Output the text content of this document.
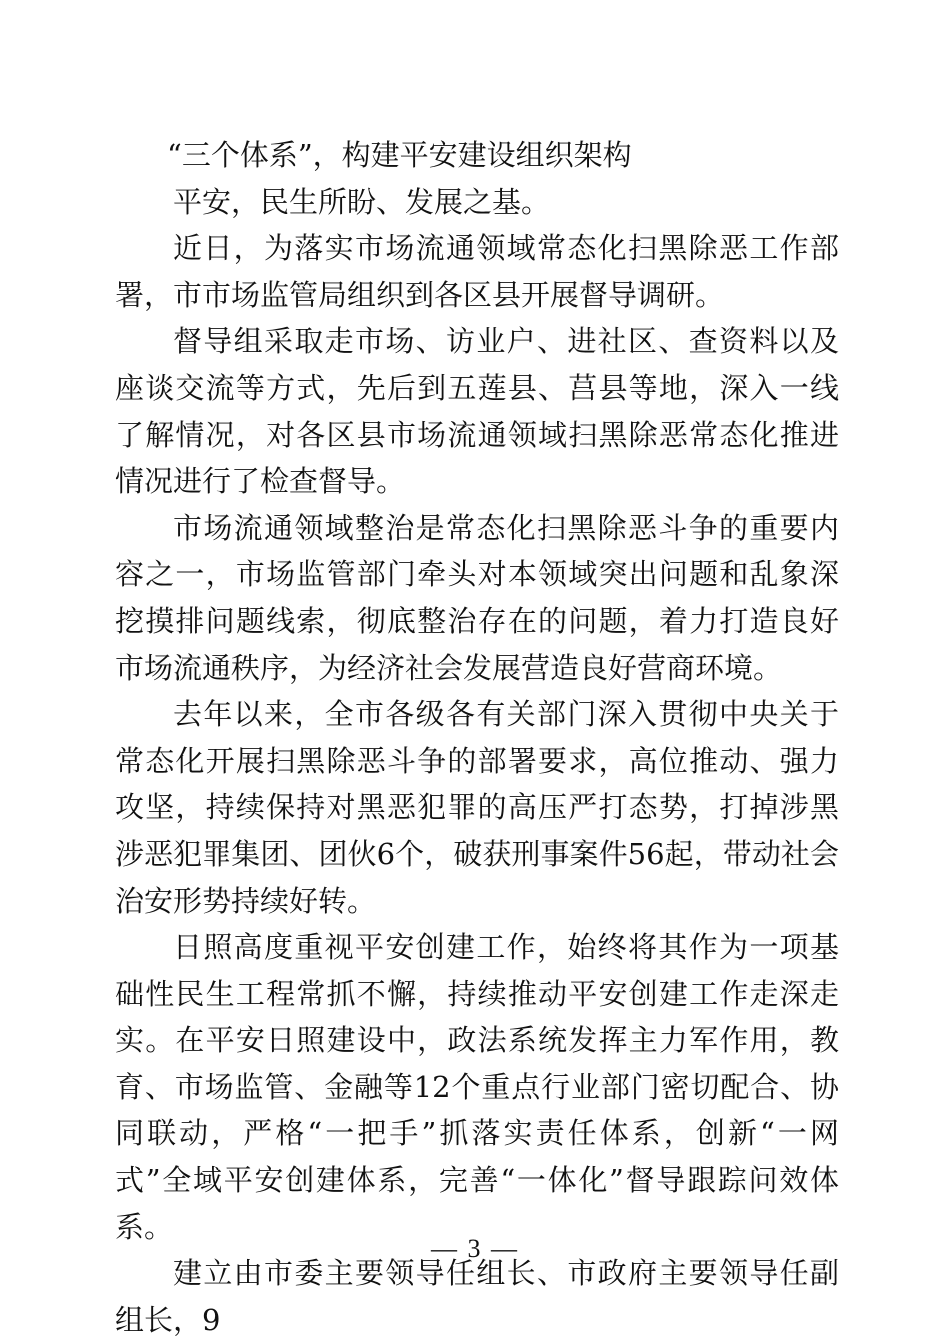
“三个体系”，构建平安建设组织架构

平安，民生所盼、发展之基。

近日，为落实市场流通领域常态化扫黑除恶工作部署，市市场监管局组织到各区县开展督导调研。

督导组采取走市场、访业户、进社区、查资料以及座谈交流等方式，先后到五莲县、莒县等地，深入一线了解情况，对各区县市场流通领域扫黑除恶常态化推进情况进行了检查督导。

市场流通领域整治是常态化扫黑除恶斗争的重要内容之一，市场监管部门牵头对本领域突出问题和乱象深挖摸排问题线索，彻底整治存在的问题，着力打造良好市场流通秩序，为经济社会发展营造良好营商环境。

去年以来，全市各级各有关部门深入贯彻中央关于常态化开展扫黑除恶斗争的部署要求，高位推动、强力攻坚，持续保持对黑恶犯罪的高压严打态势，打掉涉黑涉恶犯罪集团、团伙6个，破获刑事案件56起，带动社会治安形势持续好转。

日照高度重视平安创建工作，始终将其作为一项基础性民生工程常抓不懈，持续推动平安创建工作走深走实。在平安日照建设中，政法系统发挥主力军作用，教育、市场监管、金融等12个重点行业部门密切配合、协同联动，严格“一把手”抓落实责任体系，创新“一网式”全域平安创建体系，完善“一体化”督导跟踪问效体系。

建立由市委主要领导任组长、市政府主要领导任副组长，9

— 3 —
